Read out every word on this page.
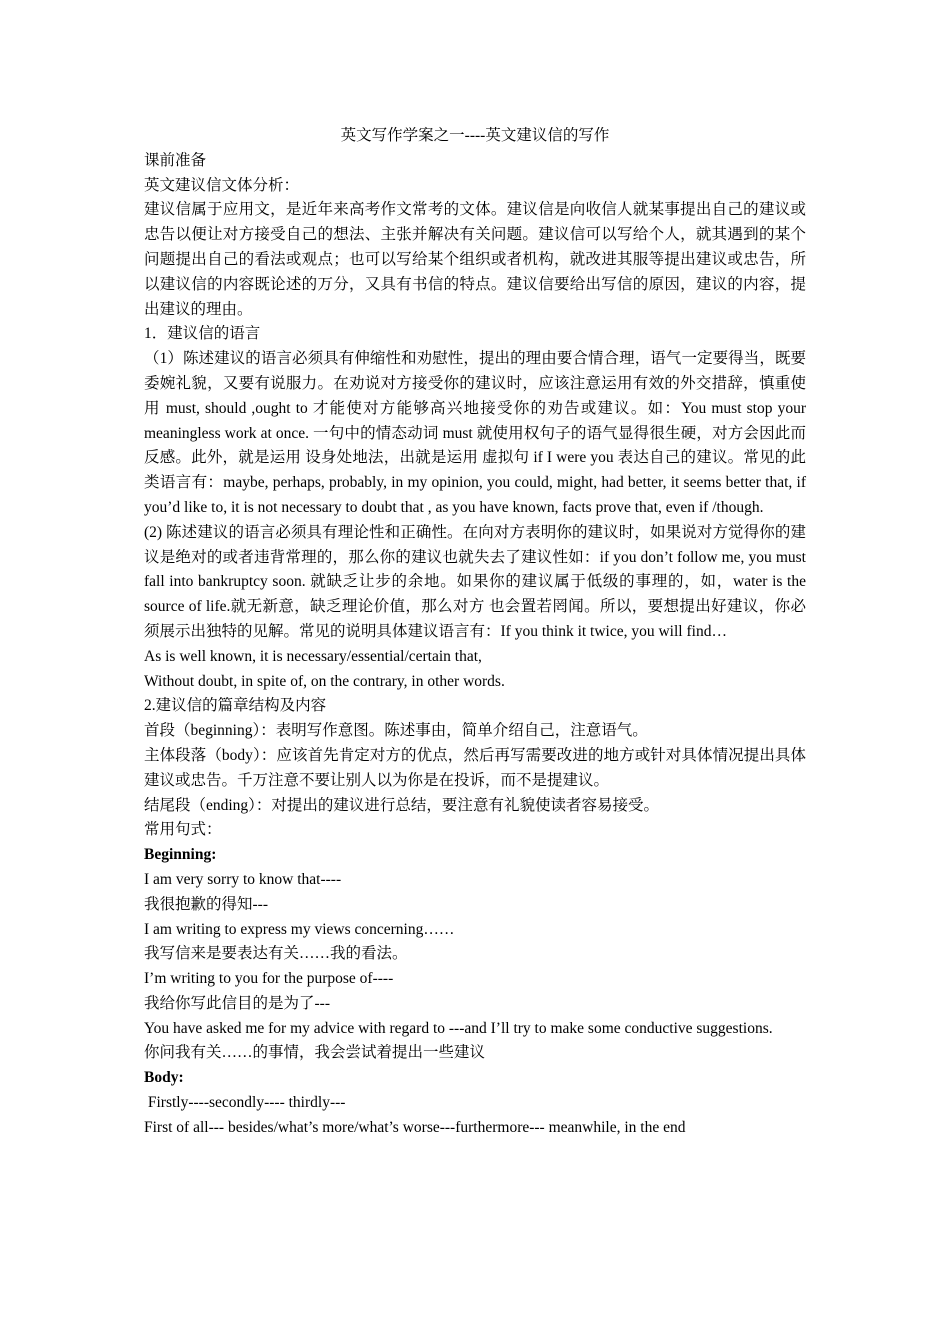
英文写作学案之一----英文建议信的写作

课前准备

英文建议信文体分析：

建议信属于应用文，是近年来高考作文常考的文体。建议信是向收信人就某事提出自己的建议或忠告以便让对方接受自己的想法、主张并解决有关问题。建议信可以写给个人，就其遇到的某个问题提出自己的看法或观点；也可以写给某个组织或者机构，就改进其服等提出建议或忠告，所以建议信的内容既论述的万分，又具有书信的特点。建议信要给出写信的原因，建议的内容，提出建议的理由。

1．建议信的语言

（1）陈述建议的语言必须具有伸缩性和劝慰性，提出的理由要合情合理，语气一定要得当，既要委婉礼貌，又要有说服力。在劝说对方接受你的建议时，应该注意运用有效的外交措辞，慎重使用 must, should ,ought to 才能使对方能够高兴地接受你的劝告或建议。如：You must stop your meaningless work at once. 一句中的情态动词 must 就使用权句子的语气显得很生硬，对方会因此而反感。此外，就是运用 设身处地法，出就是运用 虚拟句 if I were you 表达自己的建议。常见的此类语言有：maybe, perhaps, probably, in my opinion, you could, might, had better, it seems better that, if you’d like to, it is not necessary to doubt that , as you have known, facts prove that, even if /though.

(2) 陈述建议的语言必须具有理论性和正确性。在向对方表明你的建议时，如果说对方觉得你的建议是绝对的或者违背常理的，那么你的建议也就失去了建议性如：if you don’t follow me, you must fall into bankruptcy soon. 就缺乏让步的余地。如果你的建议属于低级的事理的，如，water is the source of life.就无新意，缺乏理论价值，那么对方 也会置若罔闻。所以，要想提出好建议，你必须展示出独特的见解。常见的说明具体建议语言有：If you think it twice, you will find…

As is well known, it is necessary/essential/certain that,

Without doubt, in spite of, on the contrary, in other words.

2.建议信的篇章结构及内容

首段（beginning）：表明写作意图。陈述事由，简单介绍自己，注意语气。

主体段落（body）：应该首先肯定对方的优点，然后再写需要改进的地方或针对具体情况提出具体建议或忠告。千万注意不要让别人以为你是在投诉，而不是提建议。

结尾段（ending）：对提出的建议进行总结，要注意有礼貌使读者容易接受。

常用句式：

Beginning:

I am very sorry to know that----

我很抱歉的得知---

I am writing to express my views concerning……

我写信来是要表达有关……我的看法。

I’m writing to you for the purpose of----

我给你写此信目的是为了---

You have asked me for my advice with regard to ---and I’ll try to make some conductive suggestions.

你问我有关……的事情，我会尝试着提出一些建议

Body:

Firstly----secondly---- thirdly---

First of all--- besides/what’s more/what’s worse---furthermore--- meanwhile, in the end
